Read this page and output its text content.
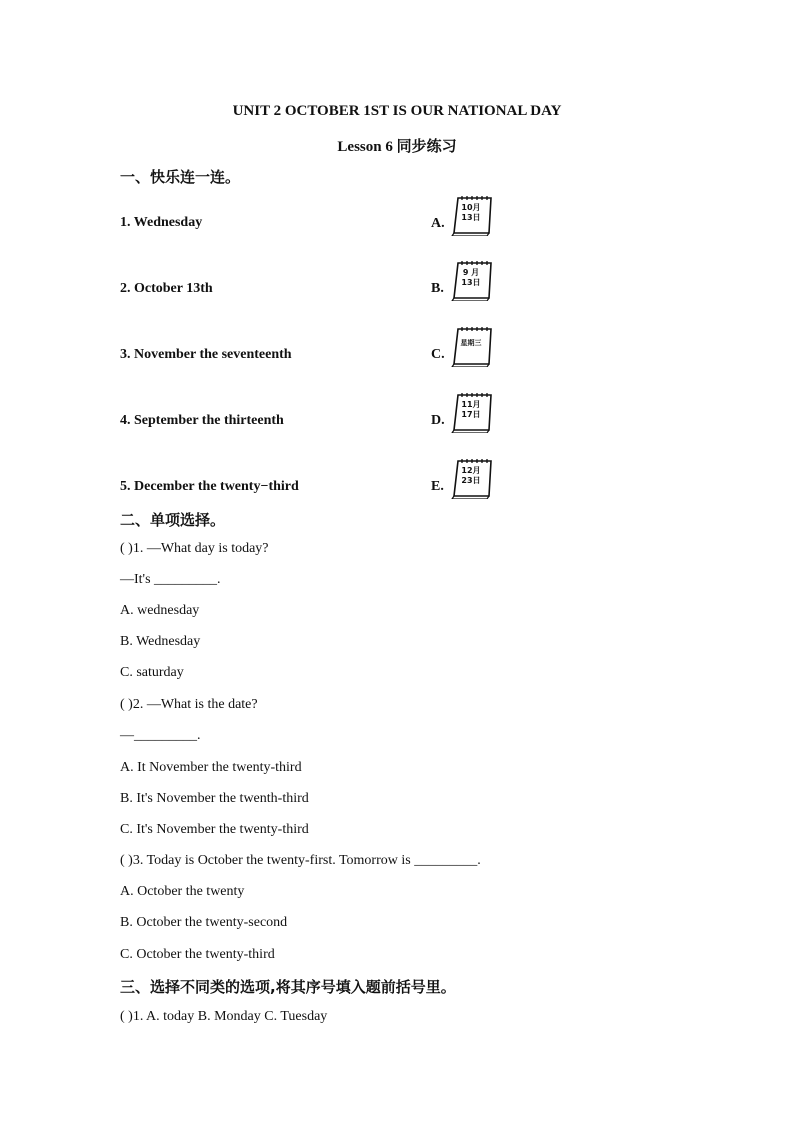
UNIT 2 OCTOBER 1ST IS OUR NATIONAL DAY
Lesson 6 同步练习
一、快乐连一连。
1. Wednesday
2. October 13th
3. November the seventeenth
4. September the thirteenth
5. December the twenty−third
A.
B.
C.
D.
E.
10月
13日
9 月
13日
星期三
11月
17日
12月
23日
二、单项选择。
( )1. —What day is today?
—It's _________.
A. wednesday
B. Wednesday
C. saturday
( )2. —What is the date?
—_________.
A. It November the twenty-third
B. It's November the twenth-third
C. It's November the twenty-third
( )3. Today is October the twenty-first. Tomorrow is _________.
A. October the twenty
B. October the twenty-second
C. October the twenty-third
三、选择不同类的选项,将其序号填入题前括号里。
( )1. A. today B. Monday C. Tuesday
